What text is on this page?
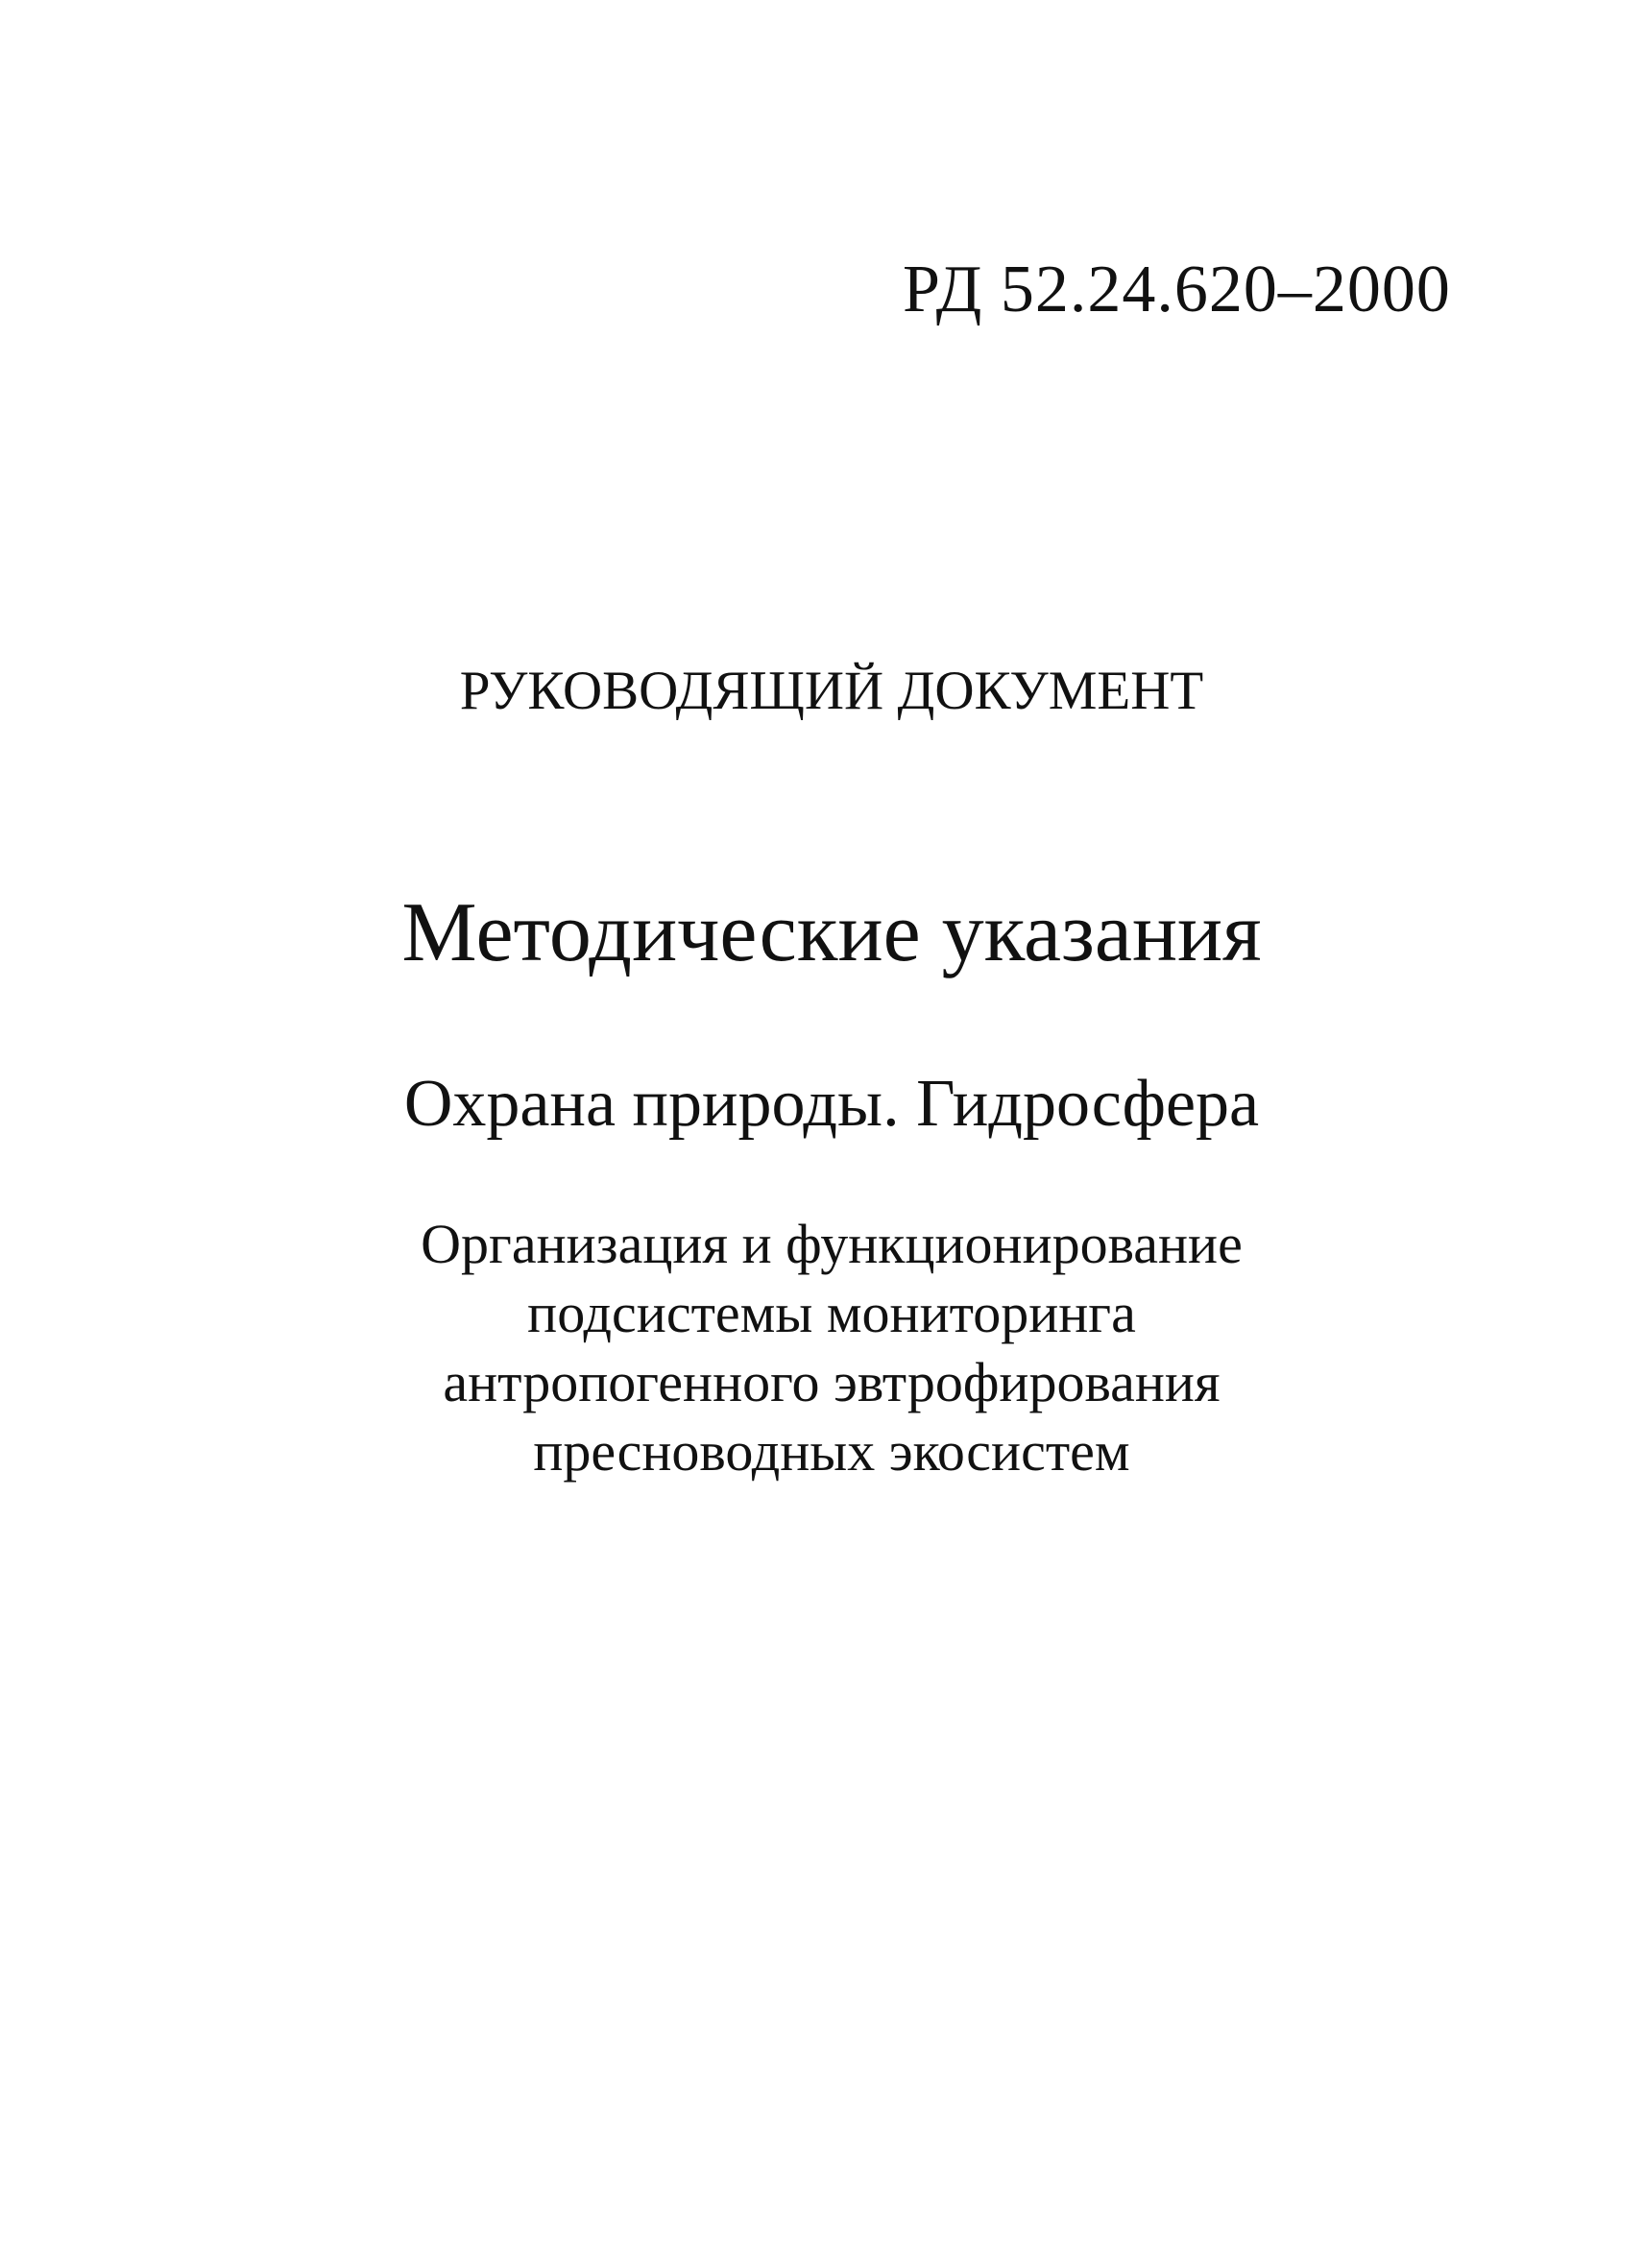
РД 52.24.620–2000
РУКОВОДЯЩИЙ ДОКУМЕНТ
Методические указания
Охрана природы. Гидросфера
Организация и функционирование
подсистемы мониторинга
антропогенного эвтрофирования
пресноводных экосистем
